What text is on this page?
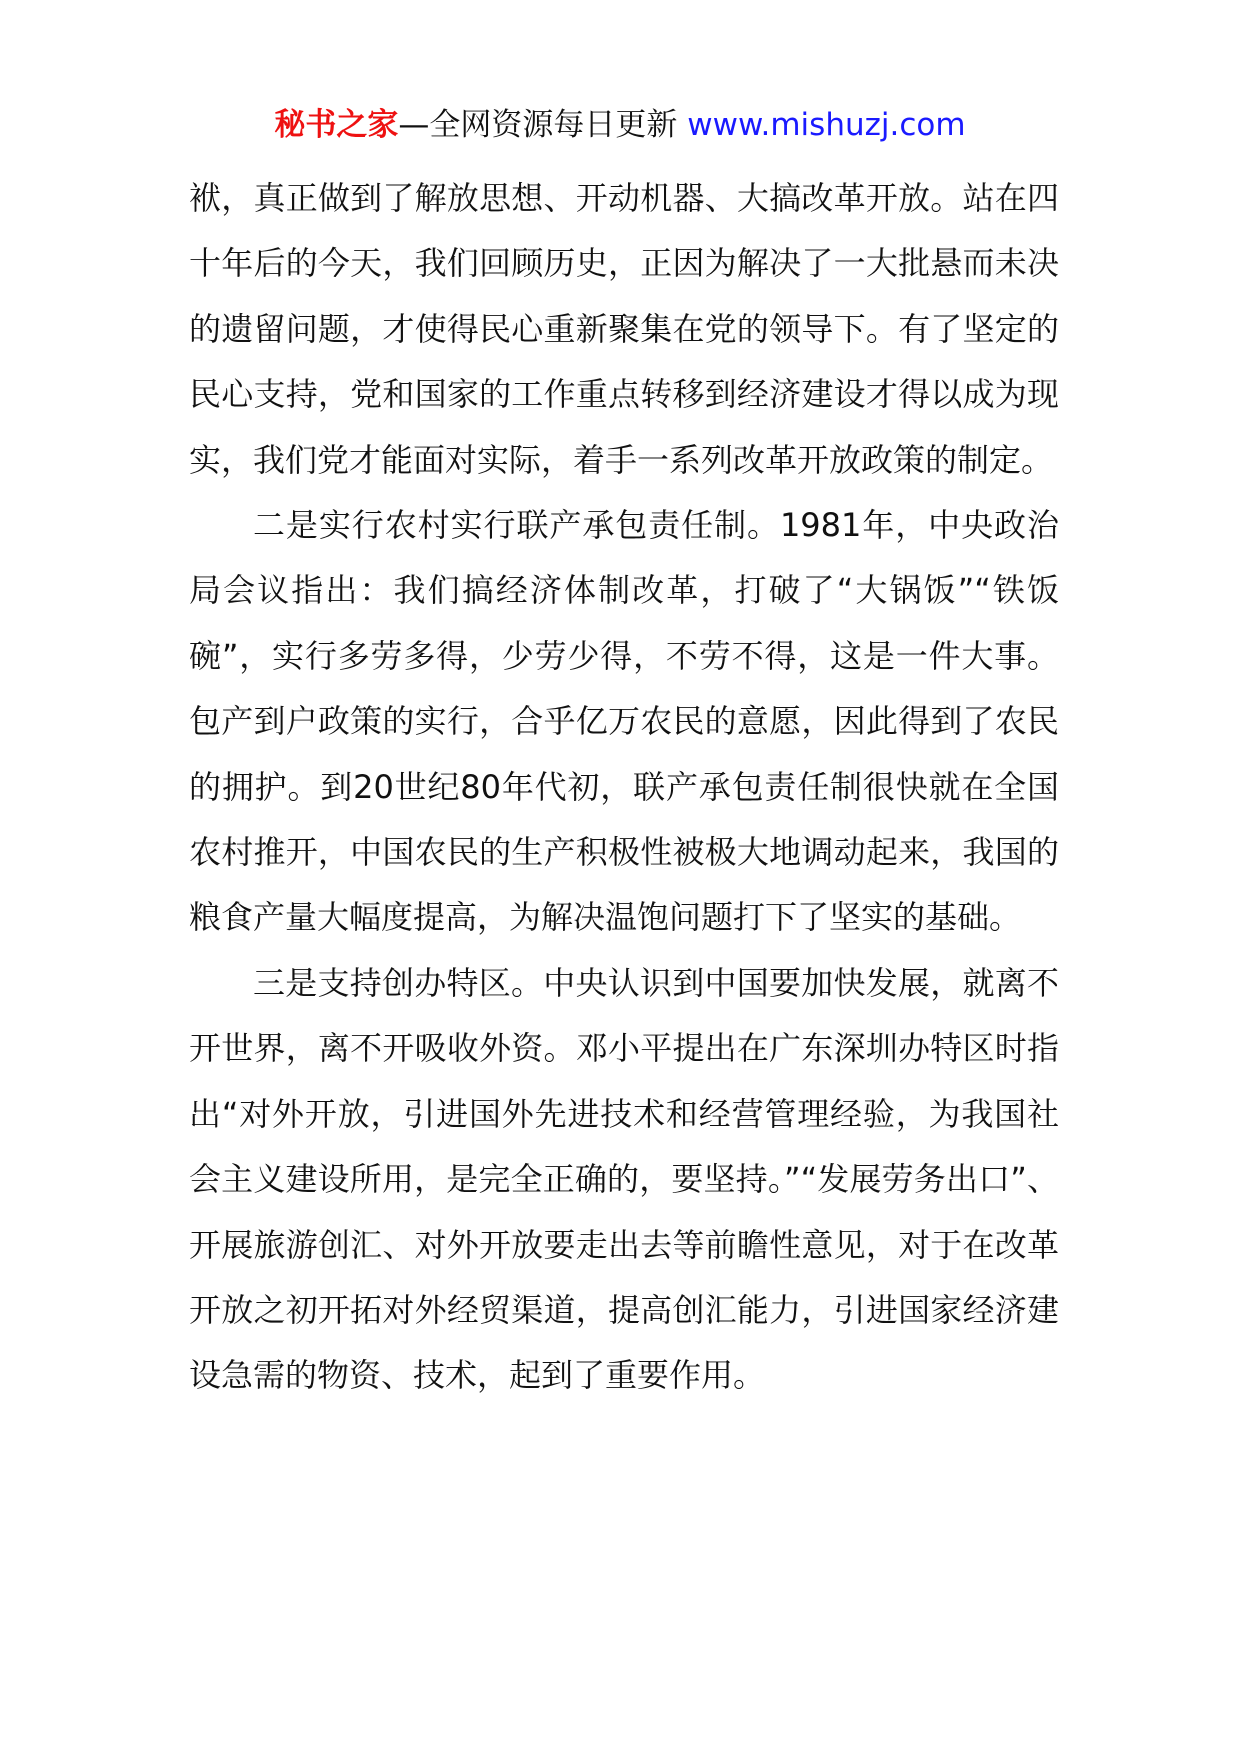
秘书之家—全网资源每日更新 www.mishuzj.com

袱，真正做到了解放思想、开动机器、大搞改革开放。站在四十年后的今天，我们回顾历史，正因为解决了一大批悬而未决的遗留问题，才使得民心重新聚集在党的领导下。有了坚定的民心支持，党和国家的工作重点转移到经济建设才得以成为现实，我们党才能面对实际，着手一系列改革开放政策的制定。

二是实行农村实行联产承包责任制。1981年，中央政治局会议指出：我们搞经济体制改革，打破了“大锅饭”“铁饭碗”，实行多劳多得，少劳少得，不劳不得，这是一件大事。包产到户政策的实行，合乎亿万农民的意愿，因此得到了农民的拥护。到20世纪80年代初，联产承包责任制很快就在全国农村推开，中国农民的生产积极性被极大地调动起来，我国的粮食产量大幅度提高，为解决温饱问题打下了坚实的基础。

三是支持创办特区。中央认识到中国要加快发展，就离不开世界，离不开吸收外资。邓小平提出在广东深圳办特区时指出“对外开放，引进国外先进技术和经营管理经验，为我国社会主义建设所用，是完全正确的，要坚持。”“发展劳务出口”、开展旅游创汇、对外开放要走出去等前瞻性意见，对于在改革开放之初开拓对外经贸渠道，提高创汇能力，引进国家经济建设急需的物资、技术，起到了重要作用。
